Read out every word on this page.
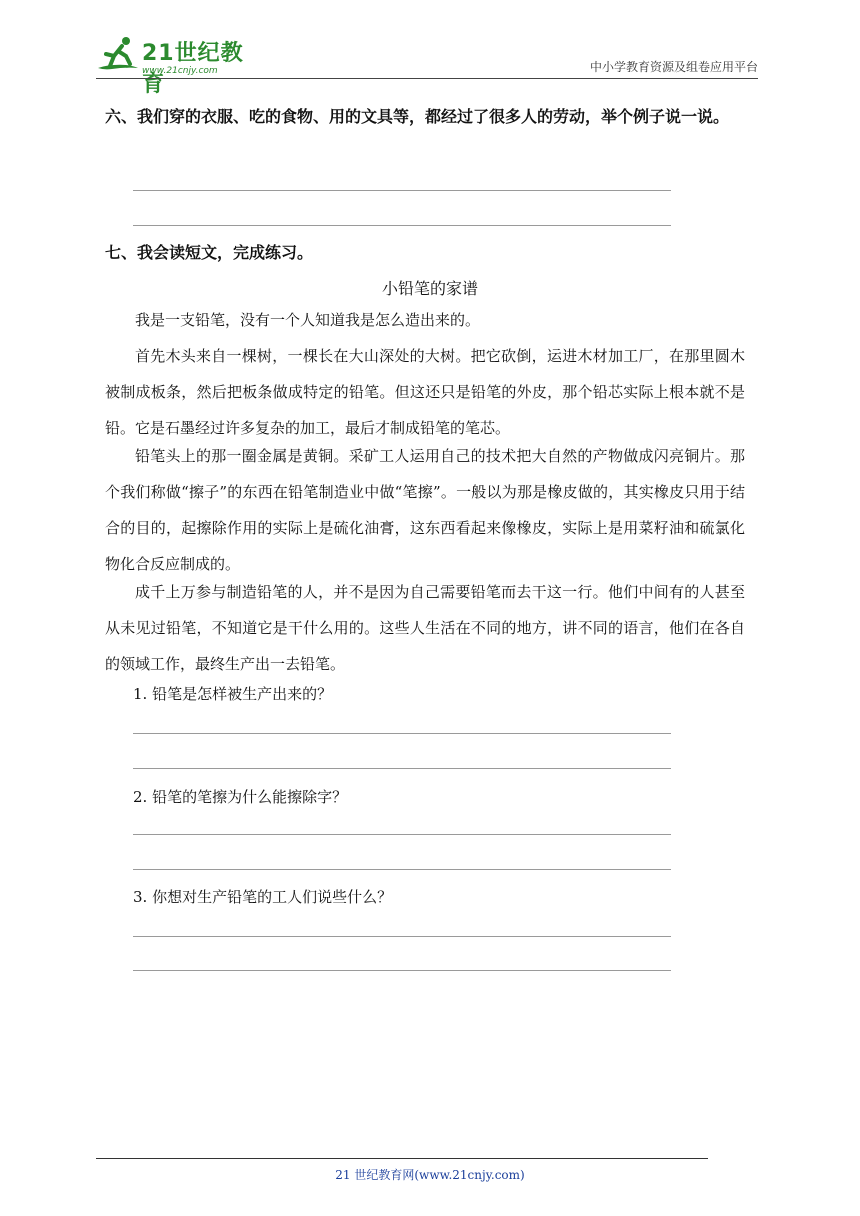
21世纪教育
www.21cnjy.com	中小学教育资源及组卷应用平台
六、我们穿的衣服、吃的食物、用的文具等，都经过了很多人的劳动，举个例子说一说。
七、我会读短文，完成练习。
小铅笔的家谱
我是一支铅笔，没有一个人知道我是怎么造出来的。
首先木头来自一棵树，一棵长在大山深处的大树。把它砍倒，运进木材加工厂，在那里圆木被制成板条，然后把板条做成特定的铅笔。但这还只是铅笔的外皮，那个铅芯实际上根本就不是铅。它是石墨经过许多复杂的加工，最后才制成铅笔的笔芯。
铅笔头上的那一圈金属是黄铜。采矿工人运用自己的技术把大自然的产物做成闪亮铜片。那个我们称做“擦子”的东西在铅笔制造业中做“笔擦”。一般以为那是橡皮做的，其实橡皮只用于结合的目的，起擦除作用的实际上是硫化油膏，这东西看起来像橡皮，实际上是用菜籽油和硫氯化物化合反应制成的。
成千上万参与制造铅笔的人，并不是因为自己需要铅笔而去干这一行。他们中间有的人甚至从未见过铅笔，不知道它是干什么用的。这些人生活在不同的地方，讲不同的语言，他们在各自的领域工作，最终生产出一去铅笔。
1. 铅笔是怎样被生产出来的？
2. 铅笔的笔擦为什么能擦除字？
3. 你想对生产铅笔的工人们说些什么？
21 世纪教育网(www.21cnjy.com)
